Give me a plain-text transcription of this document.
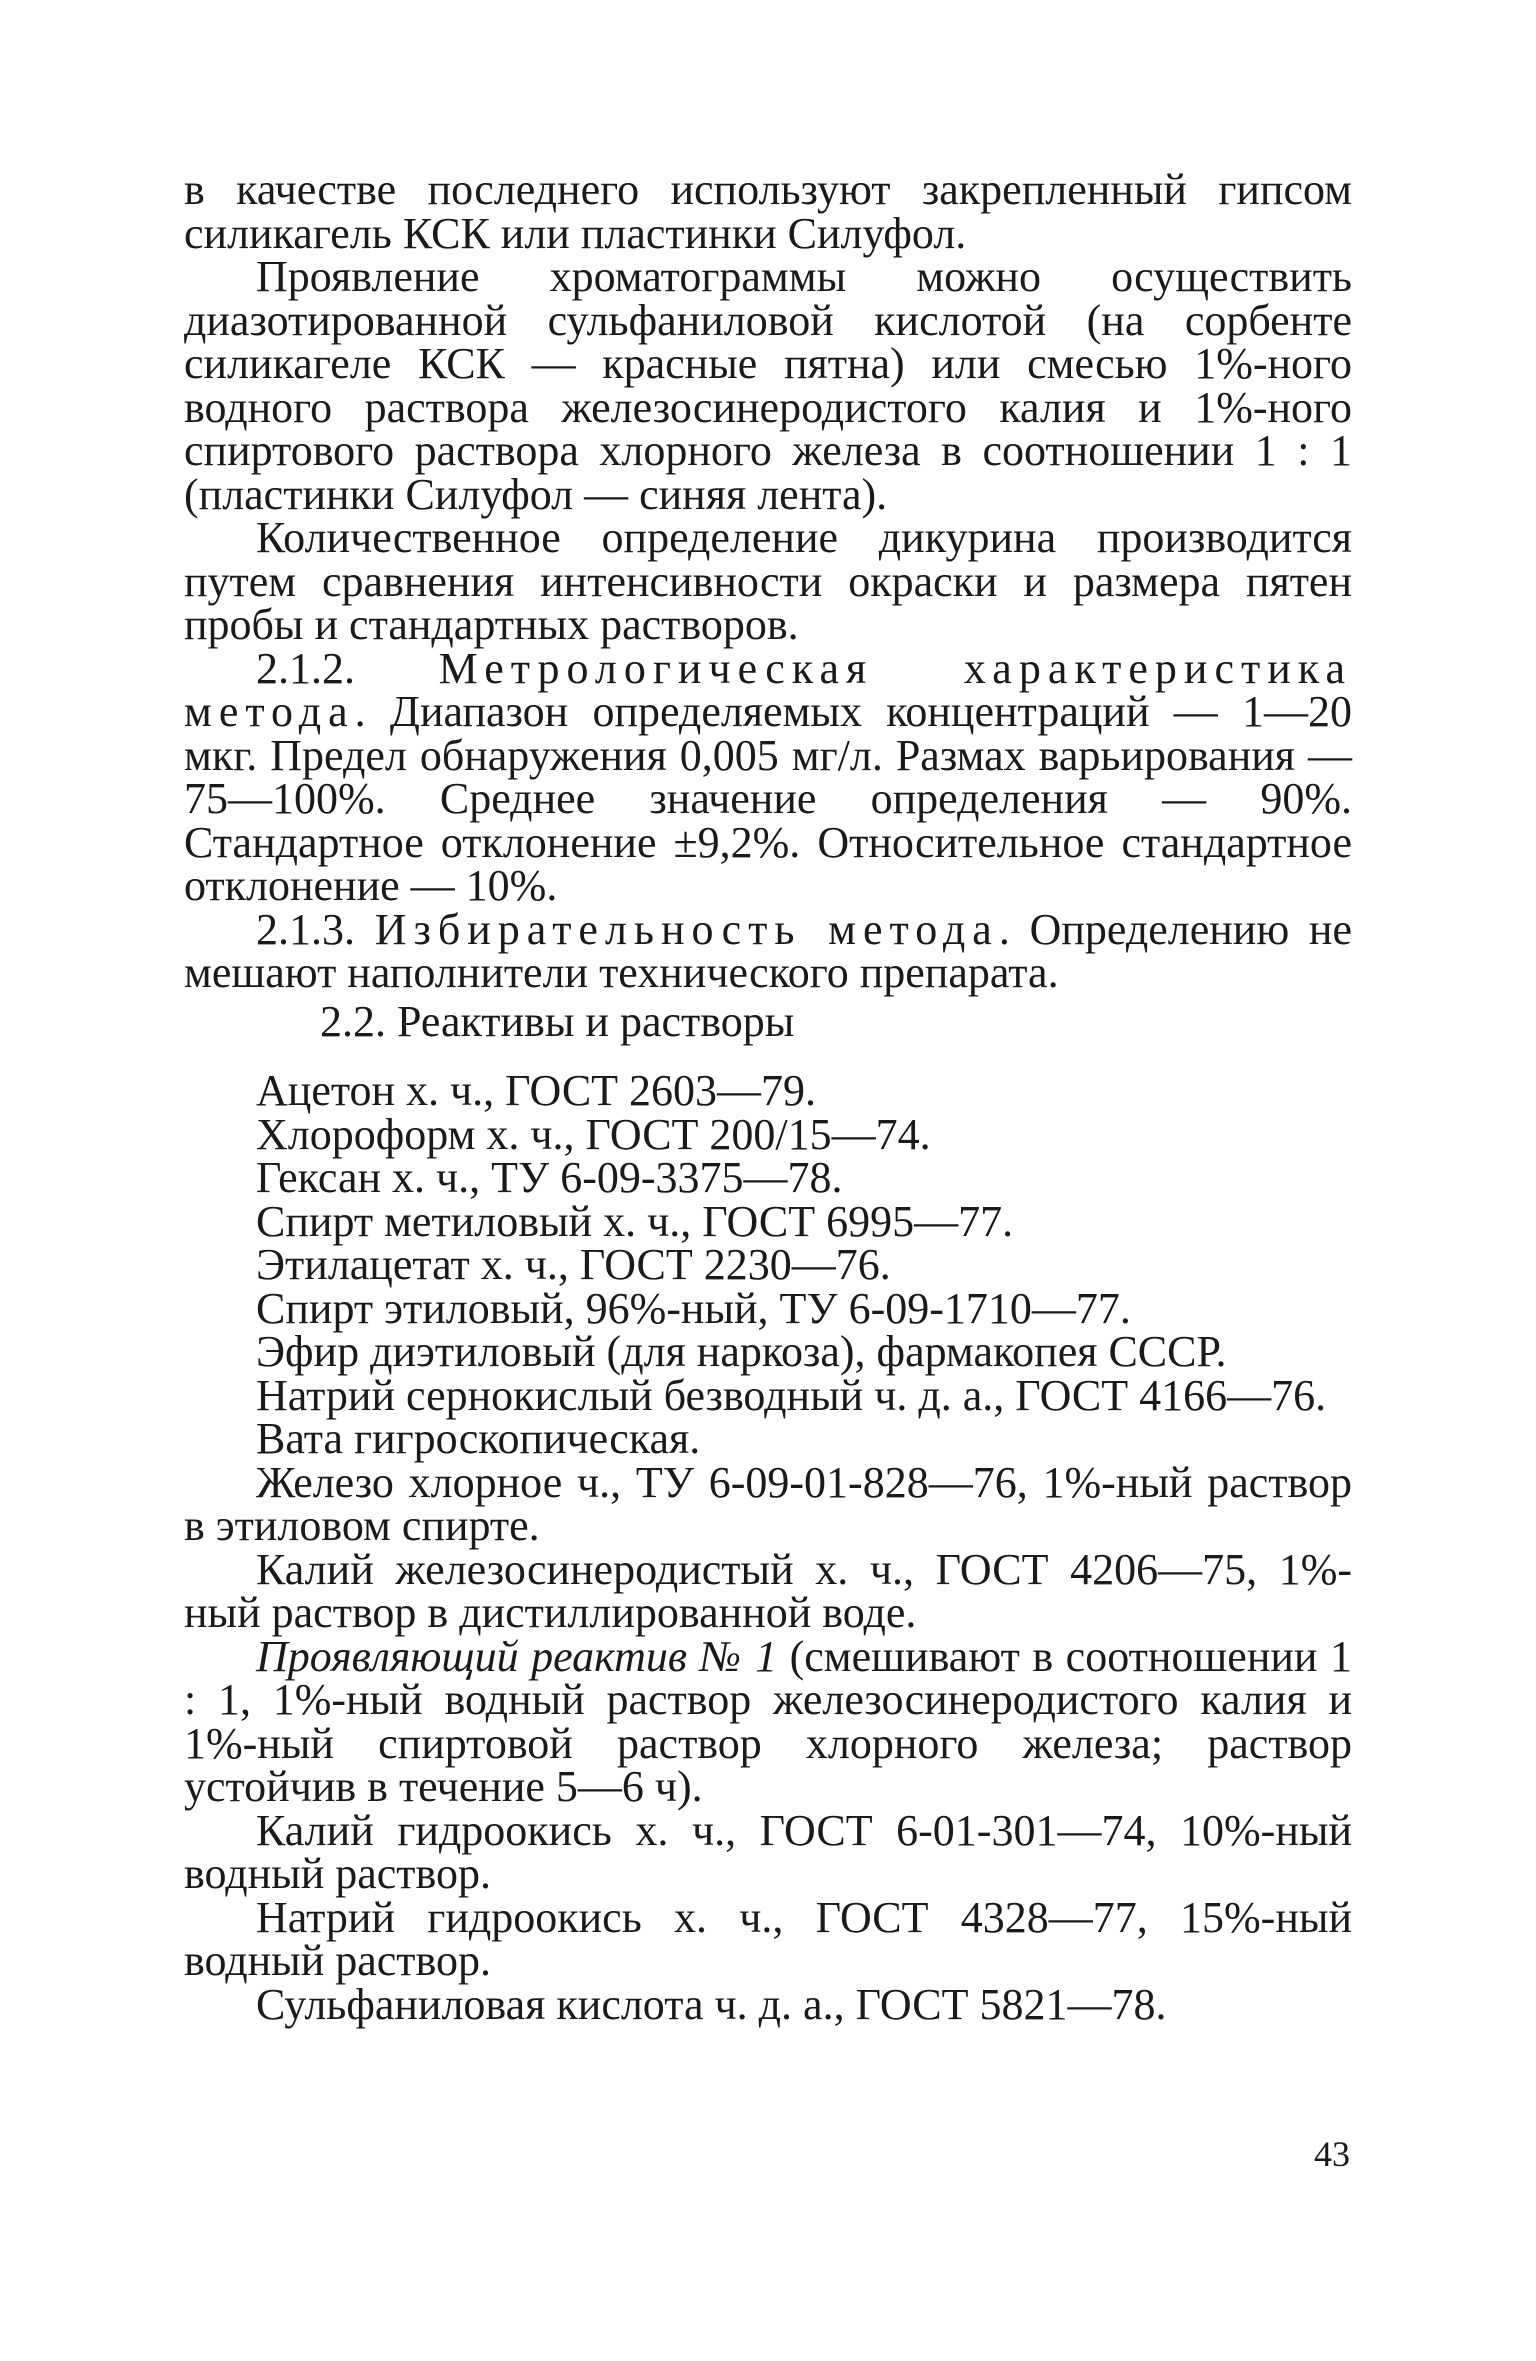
в качестве последнего используют закрепленный гипсом силикагель КСК или пластинки Силуфол.

Проявление хроматограммы можно осуществить диазотированной сульфаниловой кислотой (на сорбенте силикагеле КСК — красные пятна) или смесью 1%-ного водного раствора железосинеродистого калия и 1%-ного спиртового раствора хлорного железа в соотношении 1 : 1 (пластинки Силуфол — синяя лента).

Количественное определение дикурина производится путем сравнения интенсивности окраски и размера пятен пробы и стандартных растворов.

2.1.2. Метрологическая характеристика метода. Диапазон определяемых концентраций — 1—20 мкг. Предел обнаружения 0,005 мг/л. Размах варьирования — 75—100%. Среднее значение определения — 90%. Стандартное отклонение ±9,2%. Относительное стандартное отклонение — 10%.

2.1.3. Избирательность метода. Определению не мешают наполнители технического препарата.

2.2. Реактивы и растворы

Ацетон х. ч., ГОСТ 2603—79.

Хлороформ х. ч., ГОСТ 200/15—74.

Гексан х. ч., ТУ 6-09-3375—78.

Спирт метиловый х. ч., ГОСТ 6995—77.

Этилацетат х. ч., ГОСТ 2230—76.

Спирт этиловый, 96%-ный, ТУ 6-09-1710—77.

Эфир диэтиловый (для наркоза), фармакопея СССР.

Натрий сернокислый безводный ч. д. а., ГОСТ 4166—76.

Вата гигроскопическая.

Железо хлорное ч., ТУ 6-09-01-828—76, 1%-ный раствор в этиловом спирте.

Калий железосинеродистый х. ч., ГОСТ 4206—75, 1%-ный раствор в дистиллированной воде.

Проявляющий реактив № 1 (смешивают в соотношении 1 : 1, 1%-ный водный раствор железосинеродистого калия и 1%-ный спиртовой раствор хлорного железа; раствор устойчив в течение 5—6 ч).

Калий гидроокись х. ч., ГОСТ 6-01-301—74, 10%-ный водный раствор.

Натрий гидроокись х. ч., ГОСТ 4328—77, 15%-ный водный раствор.

Сульфаниловая кислота ч. д. а., ГОСТ 5821—78.

43
